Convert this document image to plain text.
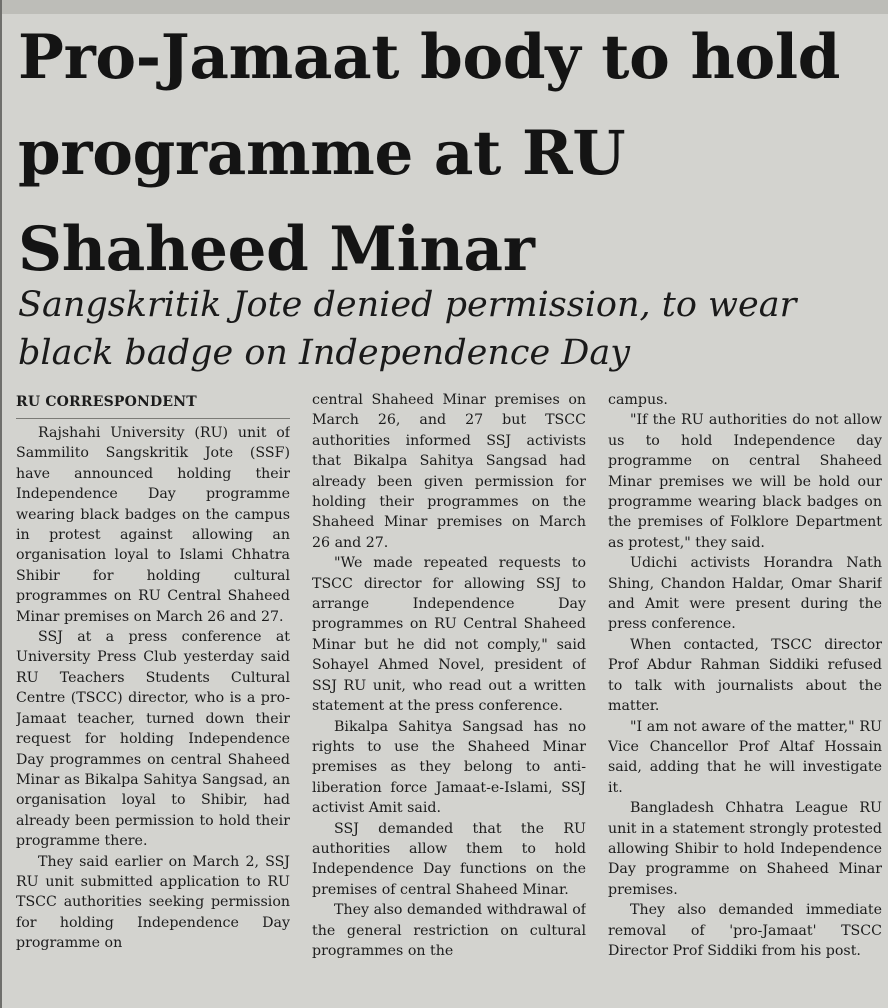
Pro-Jamaat body to hold programme at RU Shaheed Minar
Sangskritik Jote denied permission, to wear black badge on Independence Day
RU CORRESPONDENT

Rajshahi University (RU) unit of Sammilito Sangskritik Jote (SSF) have announced holding their Independence Day programme wearing black badges on the campus in protest against allowing an organisation loyal to Islami Chhatra Shibir for holding cultural programmes on RU Central Shaheed Minar premises on March 26 and 27.

SSJ at a press conference at University Press Club yesterday said RU Teachers Students Cultural Centre (TSCC) director, who is a pro-Jamaat teacher, turned down their request for holding Independence Day programmes on central Shaheed Minar as Bikalpa Sahitya Sangsad, an organisation loyal to Shibir, had already been permission to hold their programme there.

They said earlier on March 2, SSJ RU unit submitted application to RU TSCC authorities seeking permission for holding Independence Day programme on

central Shaheed Minar premises on March 26, and 27 but TSCC authorities informed SSJ activists that Bikalpa Sahitya Sangsad had already been given permission for holding their programmes on the Shaheed Minar premises on March 26 and 27.

"We made repeated requests to TSCC director for allowing SSJ to arrange Independence Day programmes on RU Central Shaheed Minar but he did not comply," said Sohayel Ahmed Novel, president of SSJ RU unit, who read out a written statement at the press conference.

Bikalpa Sahitya Sangsad has no rights to use the Shaheed Minar premises as they belong to anti-liberation force Jamaat-e-Islami, SSJ activist Amit said.

SSJ demanded that the RU authorities allow them to hold Independence Day functions on the premises of central Shaheed Minar.

They also demanded withdrawal of the general restriction on cultural programmes on the

campus.

"If the RU authorities do not allow us to hold Independence day programme on central Shaheed Minar premises we will be hold our programme wearing black badges on the premises of Folklore Department as protest," they said.

Udichi activists Horandra Nath Shing, Chandon Haldar, Omar Sharif and Amit were present during the press conference.

When contacted, TSCC director Prof Abdur Rahman Siddiki refused to talk with journalists about the matter.

"I am not aware of the matter," RU Vice Chancellor Prof Altaf Hossain said, adding that he will investigate it.

Bangladesh Chhatra League RU unit in a statement strongly protested allowing Shibir to hold Independence Day programme on Shaheed Minar premises.

They also demanded immediate removal of 'pro-Jamaat' TSCC Director Prof Siddiki from his post.
